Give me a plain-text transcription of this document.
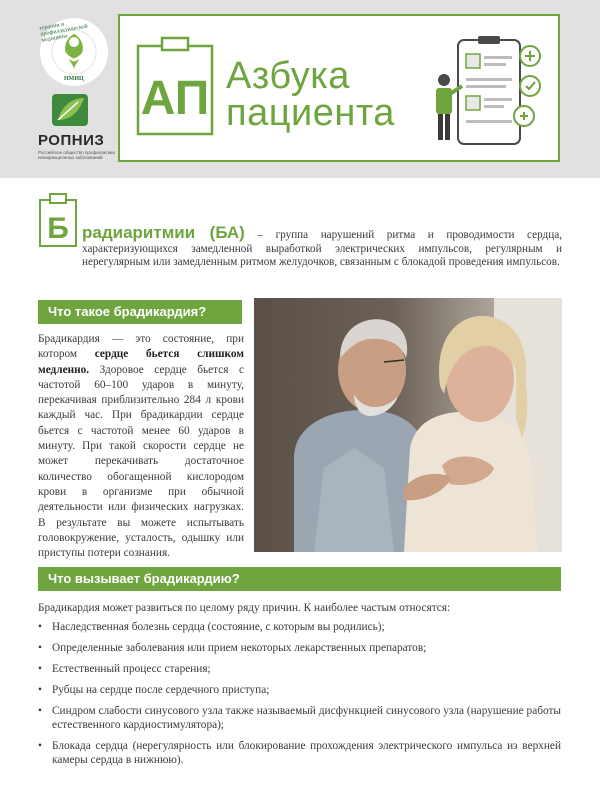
терапии и профилактической медицины
НМИЦ
РОПНИЗ
Российское общество профилактики неинфекционных заболеваний
АП Азбука
пациента
Б радиаритмии (БА) – группа нарушений ритма и проводимости сердца, характеризующихся замедленной выработкой электрических импульсов, регулярным и нерегулярным или замедленным ритмом желудочков, связанным с блокадой проведения импульсов.
Что такое брадикардия?
Брадикардия — это состояние, при котором сердце бьется слишком медленно. Здоровое сердце бьется с частотой 60–100 ударов в минуту, перекачивая приблизительно 284 л крови каждый час. При брадикардии сердце бьется с частотой менее 60 ударов в минуту. При такой скорости сердце не может перекачивать достаточное количество обогащенной кислородом крови в организме при обычной деятельности или физических нагрузках. В результате вы можете испытывать головокружение, усталость, одышку или приступы потери сознания.
Что вызывает брадикардию?
Брадикардия может развиться по целому ряду причин. К наиболее частым относятся:
• Наследственная болезнь сердца (состояние, с которым вы родились);
• Определенные заболевания или прием некоторых лекарственных препаратов;
• Естественный процесс старения;
• Рубцы на сердце после сердечного приступа;
• Синдром слабости синусового узла также называемый дисфункцией синусового узла (нарушение работы естественного кардиостимулятора);
• Блокада сердца (нерегулярность или блокирование прохождения электрического импульса из верхней камеры сердца в нижнюю).
